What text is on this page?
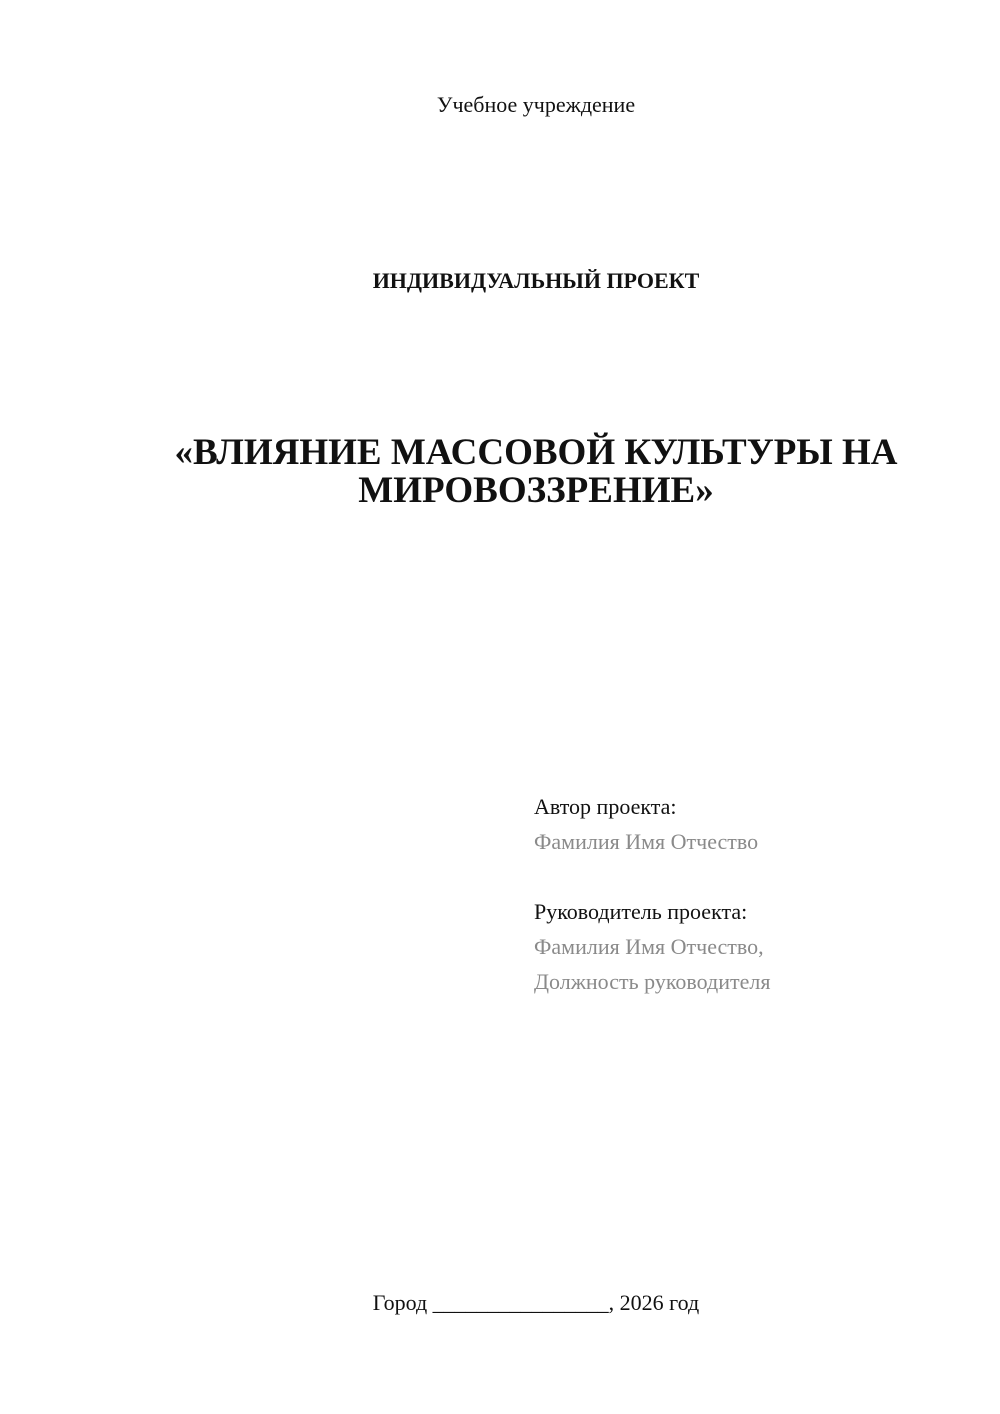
Учебное учреждение
ИНДИВИДУАЛЬНЫЙ ПРОЕКТ
«ВЛИЯНИЕ МАССОВОЙ КУЛЬТУРЫ НА
МИРОВОЗЗРЕНИЕ»
Автор проекта:
Фамилия Имя Отчество
Руководитель проекта:
Фамилия Имя Отчество,
Должность руководителя
Город ________________, 2026 год
